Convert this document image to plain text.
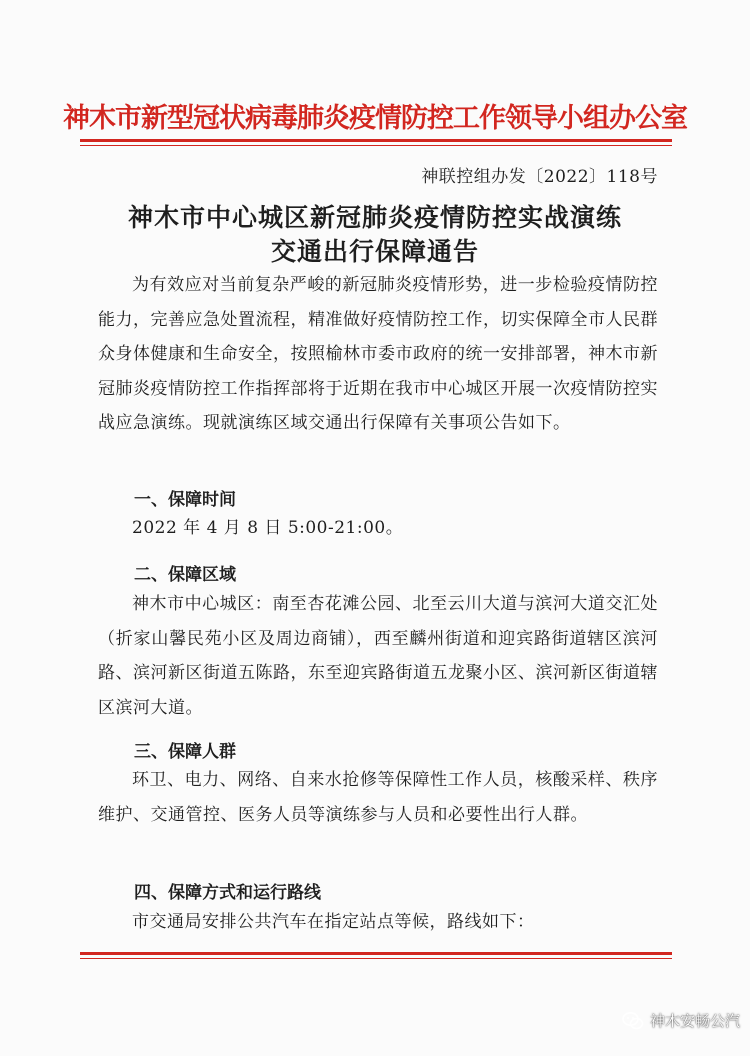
神木市新型冠状病毒肺炎疫情防控工作领导小组办公室
神联控组办发〔2022〕118号
神木市中心城区新冠肺炎疫情防控实战演练
交通出行保障通告
为有效应对当前复杂严峻的新冠肺炎疫情形势，进一步检验疫情防控能力，完善应急处置流程，精准做好疫情防控工作，切实保障全市人民群众身体健康和生命安全，按照榆林市委市政府的统一安排部署，神木市新冠肺炎疫情防控工作指挥部将于近期在我市中心城区开展一次疫情防控实战应急演练。现就演练区域交通出行保障有关事项公告如下。
一、保障时间
2022 年 4 月 8 日 5:00-21:00。
二、保障区域
神木市中心城区：南至杏花滩公园、北至云川大道与滨河大道交汇处（折家山馨民苑小区及周边商铺），西至麟州街道和迎宾路街道辖区滨河路、滨河新区街道五陈路，东至迎宾路街道五龙聚小区、滨河新区街道辖区滨河大道。
三、保障人群
环卫、电力、网络、自来水抢修等保障性工作人员，核酸采样、秩序维护、交通管控、医务人员等演练参与人员和必要性出行人群。
四、保障方式和运行路线
市交通局安排公共汽车在指定站点等候，路线如下：
神木安畅公汽
